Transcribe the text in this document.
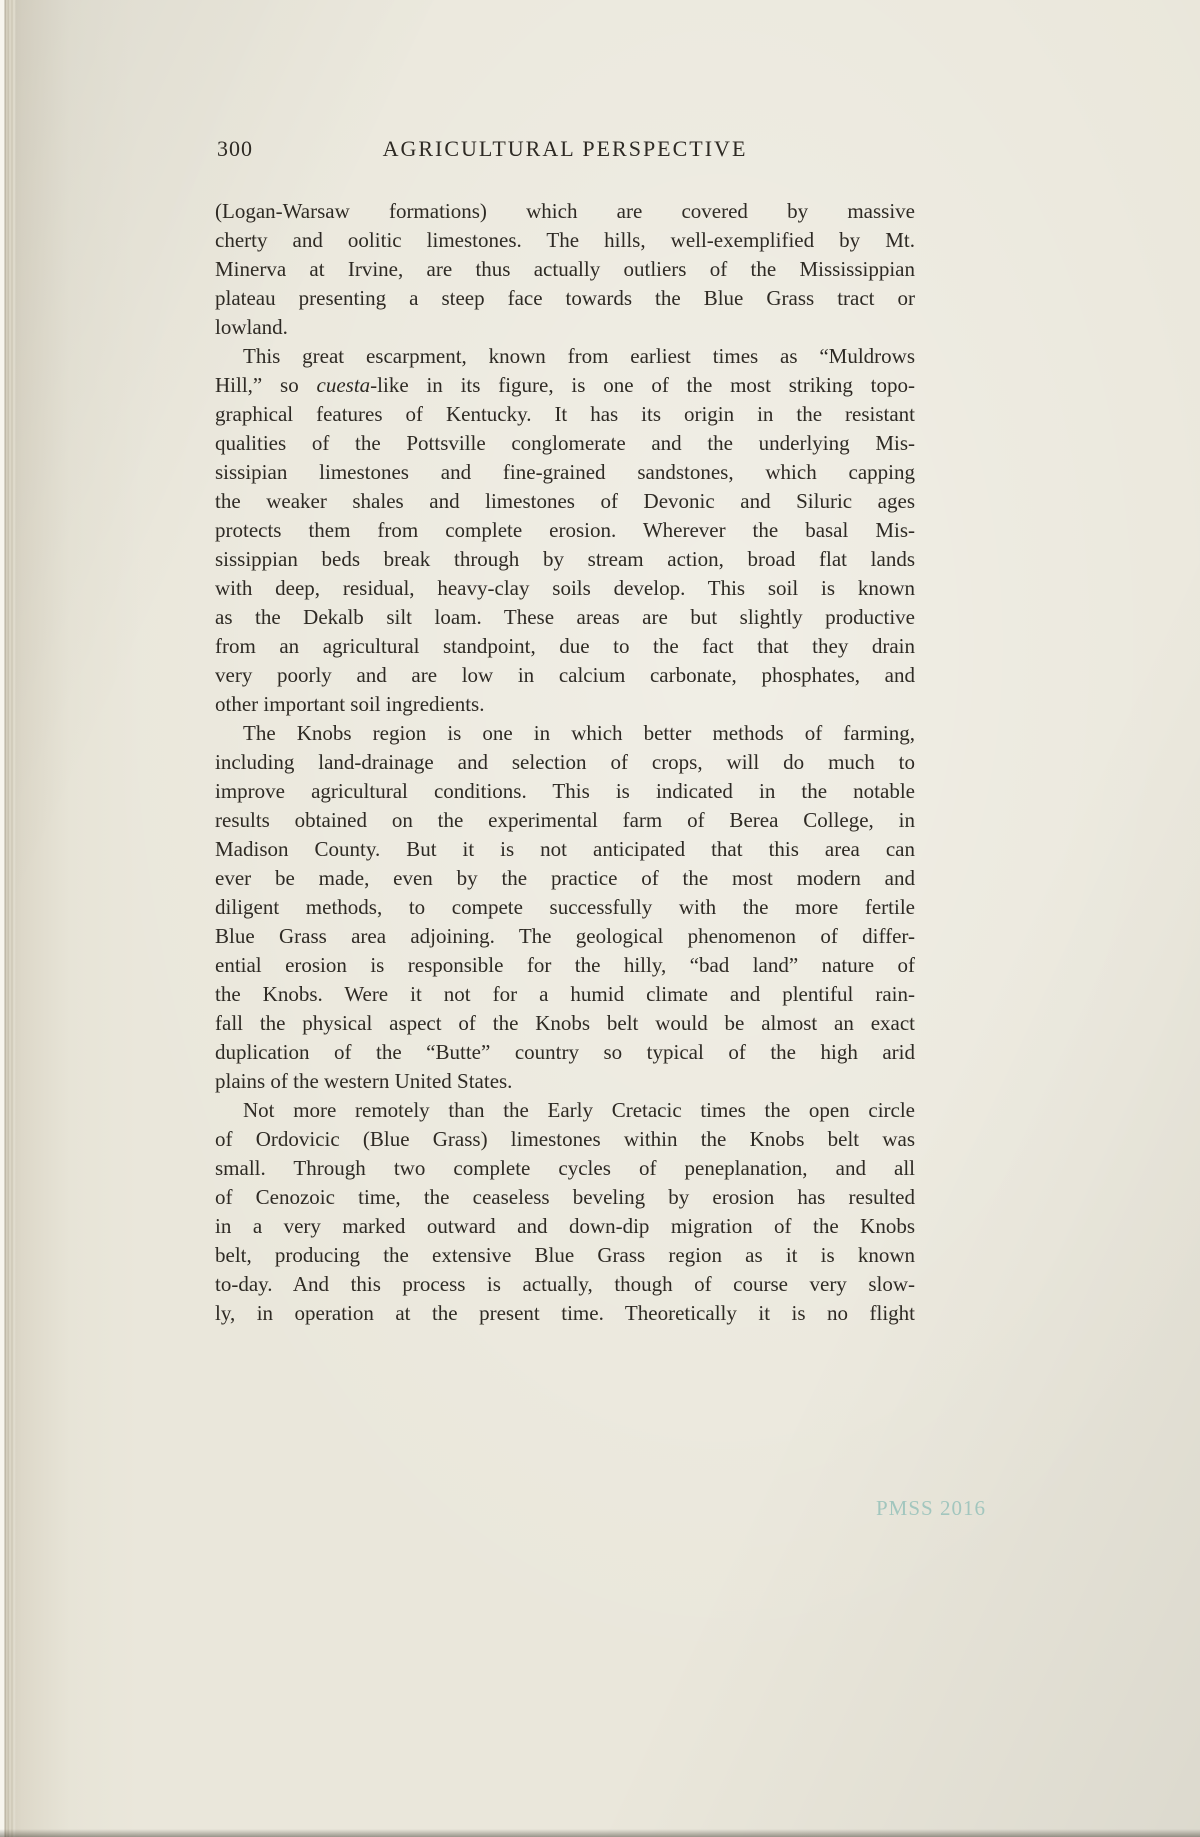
300	AGRICULTURAL PERSPECTIVE
(Logan-Warsaw formations) which are covered by massive
cherty and oolitic limestones. The hills, well-exemplified by Mt.
Minerva at Irvine, are thus actually outliers of the Mississippian
plateau presenting a steep face towards the Blue Grass tract or
lowland.
This great escarpment, known from earliest times as “Muldrows
Hill,” so cuesta-like in its figure, is one of the most striking topo-
graphical features of Kentucky. It has its origin in the resistant
qualities of the Pottsville conglomerate and the underlying Mis-
sissipian limestones and fine-grained sandstones, which capping
the weaker shales and limestones of Devonic and Siluric ages
protects them from complete erosion. Wherever the basal Mis-
sissippian beds break through by stream action, broad flat lands
with deep, residual, heavy-clay soils develop. This soil is known
as the Dekalb silt loam. These areas are but slightly productive
from an agricultural standpoint, due to the fact that they drain
very poorly and are low in calcium carbonate, phosphates, and
other important soil ingredients.
The Knobs region is one in which better methods of farming,
including land-drainage and selection of crops, will do much to
improve agricultural conditions. This is indicated in the notable
results obtained on the experimental farm of Berea College, in
Madison County. But it is not anticipated that this area can
ever be made, even by the practice of the most modern and
diligent methods, to compete successfully with the more fertile
Blue Grass area adjoining. The geological phenomenon of differ-
ential erosion is responsible for the hilly, “bad land” nature of
the Knobs. Were it not for a humid climate and plentiful rain-
fall the physical aspect of the Knobs belt would be almost an exact
duplication of the “Butte” country so typical of the high arid
plains of the western United States.
Not more remotely than the Early Cretacic times the open circle
of Ordovicic (Blue Grass) limestones within the Knobs belt was
small. Through two complete cycles of peneplanation, and all
of Cenozoic time, the ceaseless beveling by erosion has resulted
in a very marked outward and down-dip migration of the Knobs
belt, producing the extensive Blue Grass region as it is known
to-day. And this process is actually, though of course very slow-
ly, in operation at the present time. Theoretically it is no flight
PMSS 2016
